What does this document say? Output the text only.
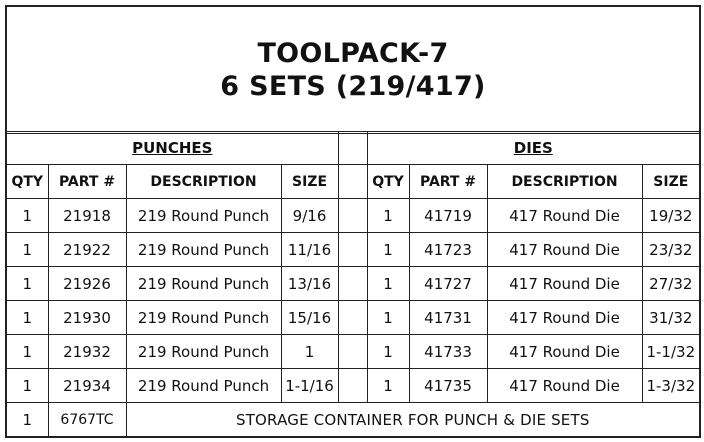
TOOLPACK-7
6 SETS (219/417)
PUNCHES					DIES			
QTY	PART #	DESCRIPTION	SIZE		QTY	PART #	DESCRIPTION	SIZE
1	21918	219 Round Punch	9/16		1	41719	417 Round Die	19/32
1	21922	219 Round Punch	11/16		1	41723	417 Round Die	23/32
1	21926	219 Round Punch	13/16		1	41727	417 Round Die	27/32
1	21930	219 Round Punch	15/16		1	41731	417 Round Die	31/32
1	21932	219 Round Punch	1		1	41733	417 Round Die	1-1/32
1	21934	219 Round Punch	1-1/16		1	41735	417 Round Die	1-3/32
1	6767TC	STORAGE CONTAINER FOR PUNCH & DIE SETS						
